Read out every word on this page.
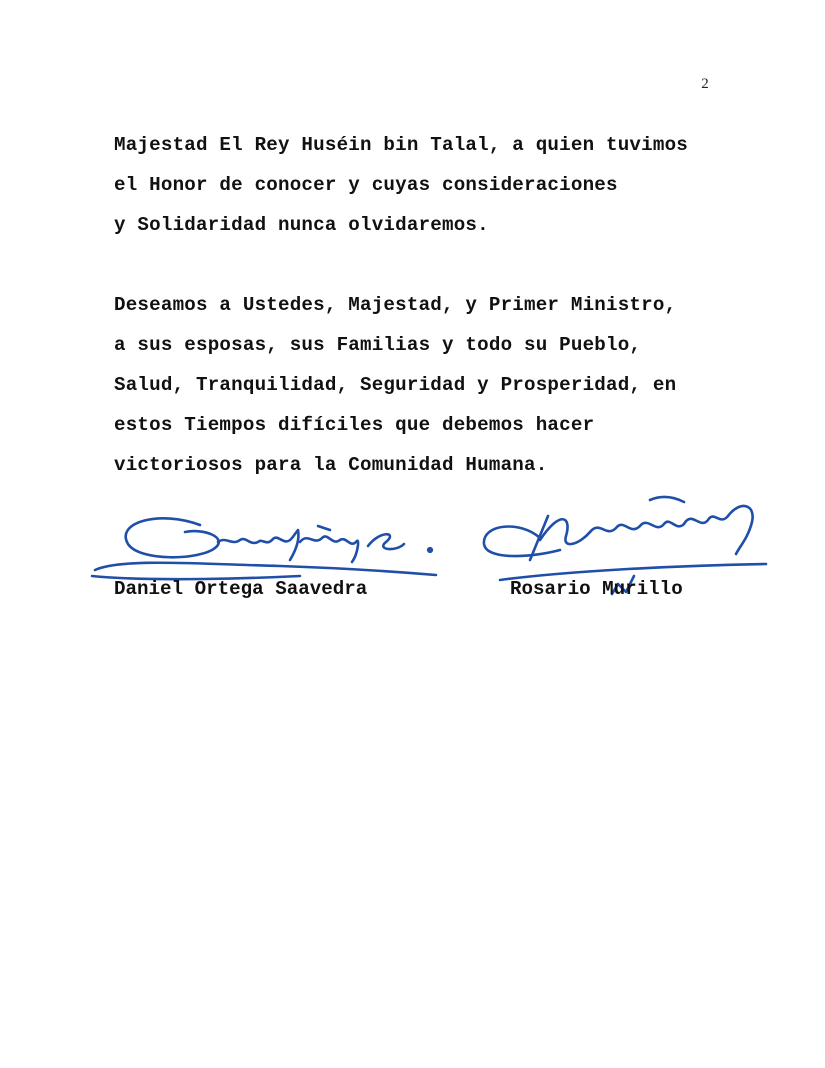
2
Majestad El Rey Huséin bin Talal, a quien tuvimos
el Honor de conocer y cuyas consideraciones
y Solidaridad nunca olvidaremos.
Deseamos a Ustedes, Majestad, y Primer Ministro,
a sus esposas, sus Familias y todo su Pueblo,
Salud, Tranquilidad, Seguridad y Prosperidad, en
estos Tiempos difíciles que debemos hacer
victoriosos para la Comunidad Humana.
Daniel Ortega Saavedra	Rosario Murillo
